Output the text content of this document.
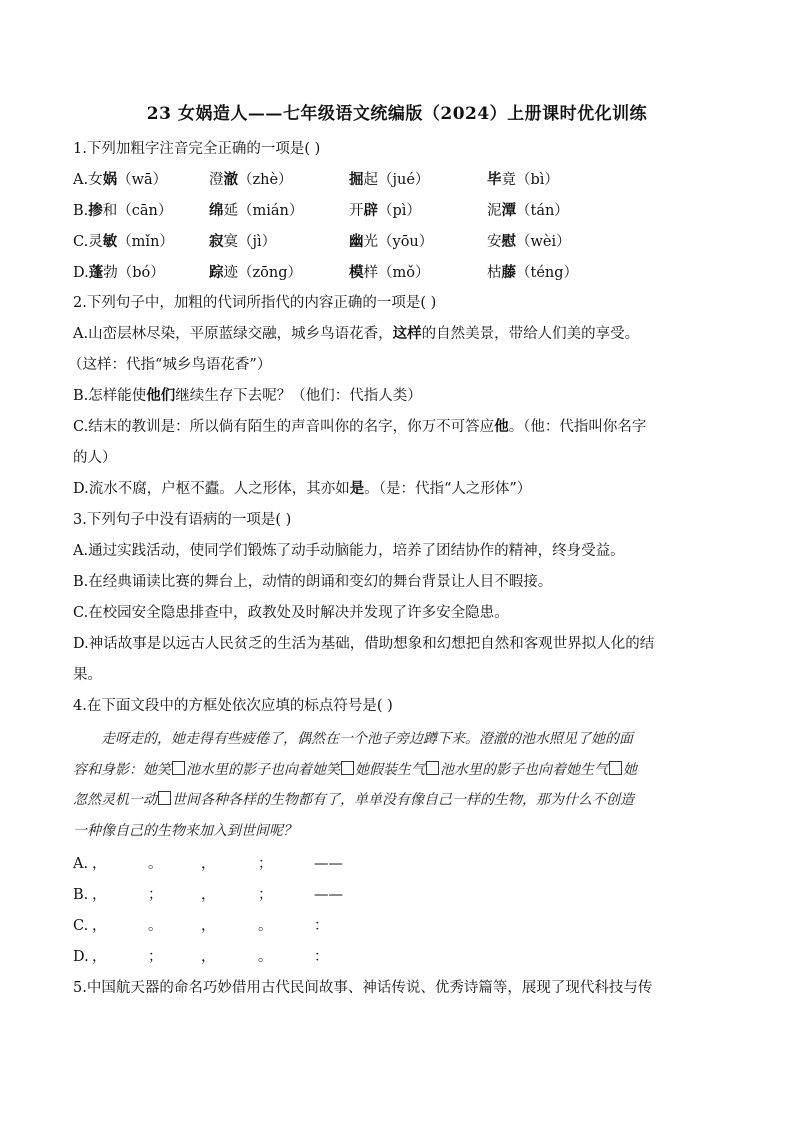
23 女娲造人——七年级语文统编版（2024）上册课时优化训练
1.下列加粗字注音完全正确的一项是( )
A.女娲（wā）	澄澈（zhè）	掘起（jué）	毕竟（bì）
B.掺和（cān）	绵延（mián）	开辟（pì）	泥潭（tán）
C.灵敏（mǐn） 寂寞（jì）	幽光（yōu）	安慰（wèi）
D.蓬勃（bó）	踪迹（zōng）	模样（mǒ）	枯藤（téng）
2.下列句子中，加粗的代词所指代的内容正确的一项是( )
A.山峦层林尽染，平原蓝绿交融，城乡鸟语花香，这样的自然美景，带给人们美的享受。
（这样：代指“城乡鸟语花香”）
B.怎样能使他们继续生存下去呢？（他们：代指人类）
C.结末的教训是：所以倘有陌生的声音叫你的名字，你万不可答应他。（他：代指叫你名字
的人）
D.流水不腐，户枢不蠹。人之形体，其亦如是。（是：代指“人之形体”）
3.下列句子中没有语病的一项是( )
A.通过实践活动，使同学们锻炼了动手动脑能力，培养了团结协作的精神，终身受益。
B.在经典诵读比赛的舞台上，动情的朗诵和变幻的舞台背景让人目不暇接。
C.在校园安全隐患排查中，政教处及时解决并发现了许多安全隐患。
D.神话故事是以远古人民贫乏的生活为基础，借助想象和幻想把自然和客观世界拟人化的结
果。
4.在下面文段中的方框处依次应填的标点符号是( )
走呀走的，她走得有些疲倦了，偶然在一个池子旁边蹲下来。澄澈的池水照见了她的面
容和身影：她笑 池水里的影子也向着她笑 她假装生气 池水里的影子也向着她生气 她
忽然灵机一动 世间各种各样的生物都有了，单单没有像自己一样的生物，那为什么不创造
一种像自己的生物来加入到世间呢？
A. ，	。	，	；	——
B. ，	；	，	；	——
C. ，	。	，	。	：
D. ，	；	，	。	：
5.中国航天器的命名巧妙借用古代民间故事、神话传说、优秀诗篇等，展现了现代科技与传
